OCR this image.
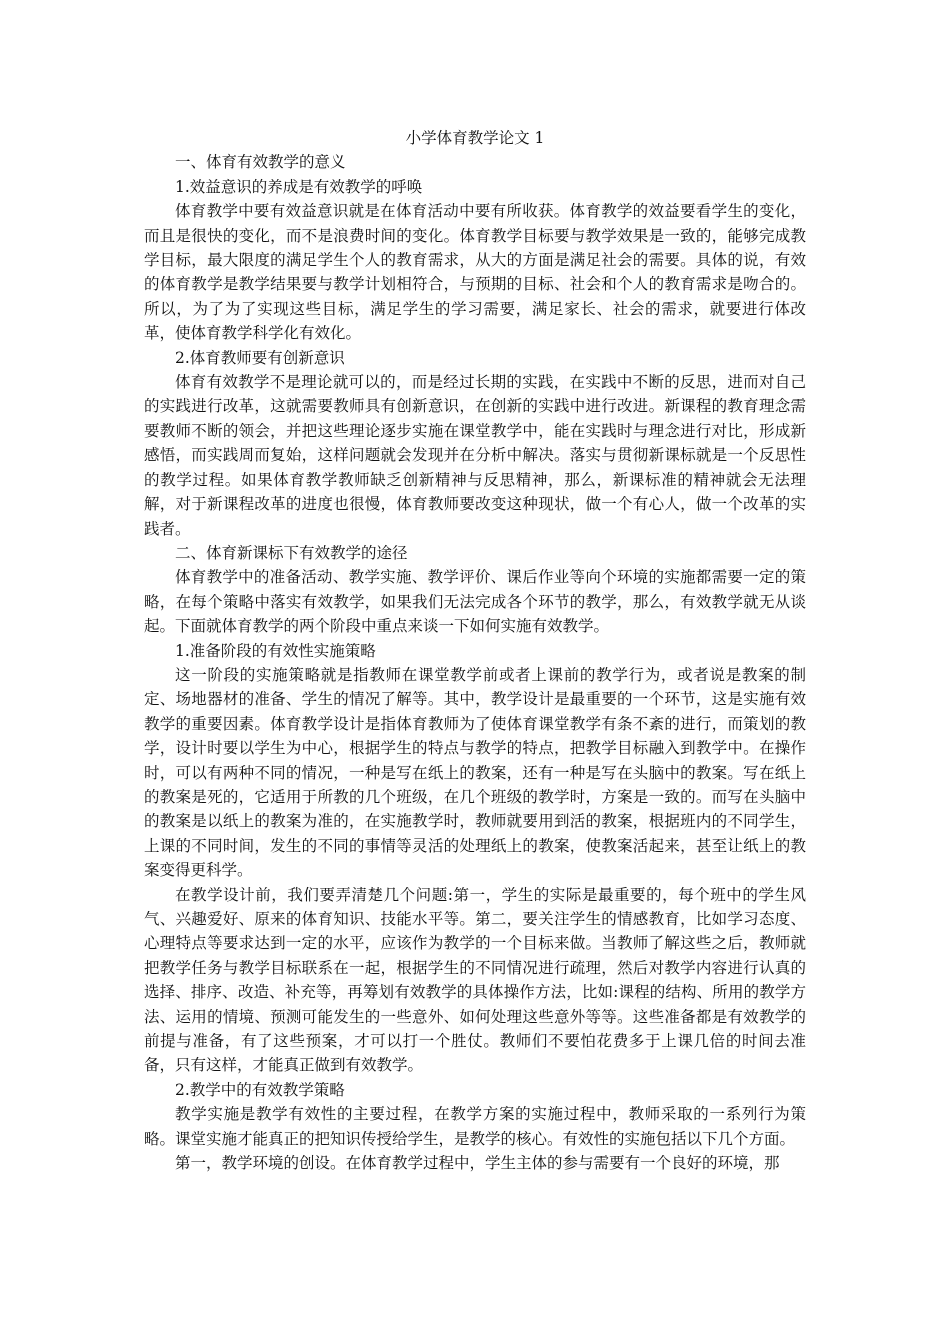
小学体育教学论文 1

一、体育有效教学的意义

1.效益意识的养成是有效教学的呼唤

体育教学中要有效益意识就是在体育活动中要有所收获。体育教学的效益要看学生的变化，而且是很快的变化，而不是浪费时间的变化。体育教学目标要与教学效果是一致的，能够完成教学目标，最大限度的满足学生个人的教育需求，从大的方面是满足社会的需要。具体的说，有效的体育教学是教学结果要与教学计划相符合，与预期的目标、社会和个人的教育需求是吻合的。所以，为了为了实现这些目标，满足学生的学习需要，满足家长、社会的需求，就要进行体改革，使体育教学科学化有效化。

2.体育教师要有创新意识

体育有效教学不是理论就可以的，而是经过长期的实践，在实践中不断的反思，进而对自己的实践进行改革，这就需要教师具有创新意识，在创新的实践中进行改进。新课程的教育理念需要教师不断的领会，并把这些理论逐步实施在课堂教学中，能在实践时与理念进行对比，形成新感悟，而实践周而复始，这样问题就会发现并在分析中解决。落实与贯彻新课标就是一个反思性的教学过程。如果体育教学教师缺乏创新精神与反思精神，那么，新课标准的精神就会无法理解，对于新课程改革的进度也很慢，体育教师要改变这种现状，做一个有心人，做一个改革的实践者。

二、体育新课标下有效教学的途径

体育教学中的准备活动、教学实施、教学评价、课后作业等向个环境的实施都需要一定的策略，在每个策略中落实有效教学，如果我们无法完成各个环节的教学，那么，有效教学就无从谈起。下面就体育教学的两个阶段中重点来谈一下如何实施有效教学。

1.准备阶段的有效性实施策略

这一阶段的实施策略就是指教师在课堂教学前或者上课前的教学行为，或者说是教案的制定、场地器材的准备、学生的情况了解等。其中，教学设计是最重要的一个环节，这是实施有效教学的重要因素。体育教学设计是指体育教师为了使体育课堂教学有条不紊的进行，而策划的教学，设计时要以学生为中心，根据学生的特点与教学的特点，把教学目标融入到教学中。在操作时，可以有两种不同的情况，一种是写在纸上的教案，还有一种是写在头脑中的教案。写在纸上的教案是死的，它适用于所教的几个班级，在几个班级的教学时，方案是一致的。而写在头脑中的教案是以纸上的教案为准的，在实施教学时，教师就要用到活的教案，根据班内的不同学生，上课的不同时间，发生的不同的事情等灵活的处理纸上的教案，使教案活起来，甚至让纸上的教案变得更科学。

在教学设计前，我们要弄清楚几个问题:第一，学生的实际是最重要的，每个班中的学生风气、兴趣爱好、原来的体育知识、技能水平等。第二，要关注学生的情感教育，比如学习态度、心理特点等要求达到一定的水平，应该作为教学的一个目标来做。当教师了解这些之后，教师就把教学任务与教学目标联系在一起，根据学生的不同情况进行疏理，然后对教学内容进行认真的选择、排序、改造、补充等，再筹划有效教学的具体操作方法，比如:课程的结构、所用的教学方法、运用的情境、预测可能发生的一些意外、如何处理这些意外等等。这些准备都是有效教学的前提与准备，有了这些预案，才可以打一个胜仗。教师们不要怕花费多于上课几倍的时间去准备，只有这样，才能真正做到有效教学。

2.教学中的有效教学策略

教学实施是教学有效性的主要过程，在教学方案的实施过程中，教师采取的一系列行为策略。课堂实施才能真正的把知识传授给学生，是教学的核心。有效性的实施包括以下几个方面。

第一，教学环境的创设。在体育教学过程中，学生主体的参与需要有一个良好的环境，那
